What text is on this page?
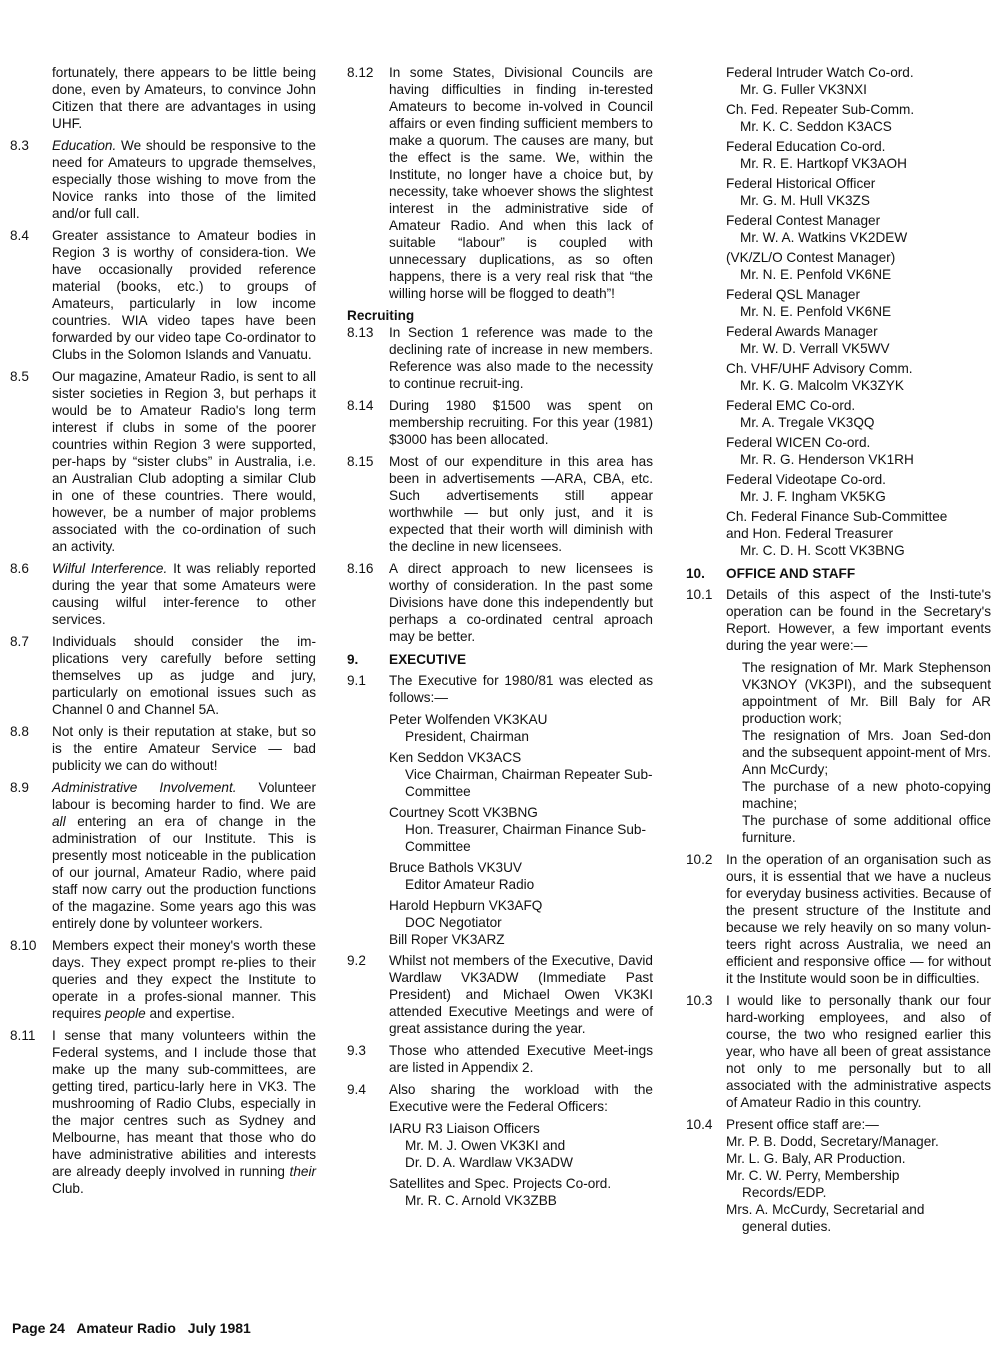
fortunately, there appears to be little being done, even by Amateurs, to convince John Citizen that there are advantages in using UHF.
8.3 Education. We should be responsive to the need for Amateurs to upgrade themselves, especially those wishing to move from the Novice ranks into those of the limited and/or full call.
8.4 Greater assistance to Amateur bodies in Region 3 is worthy of considera-tion. We have occasionally provided reference material (books, etc.) to groups of Amateurs, particularly in low income countries. WIA video tapes have been forwarded by our video tape Co-ordinator to Clubs in the Solomon Islands and Vanuatu.
8.5 Our magazine, Amateur Radio, is sent to all sister societies in Region 3, but perhaps it would be to Amateur Radio's long term interest if clubs in some of the poorer countries within Region 3 were supported, per-haps by “sister clubs” in Australia, i.e. an Australian Club adopting a similar Club in one of these countries. There would, however, be a number of major problems associated with the co-ordination of such an activity.
8.6 Wilful Interference. It was reliably reported during the year that some Amateurs were causing wilful inter-ference to other services.
8.7 Individuals should consider the im-plications very carefully before setting themselves up as judge and jury, particularly on emotional issues such as Channel 0 and Channel 5A.
8.8 Not only is their reputation at stake, but so is the entire Amateur Service — bad publicity we can do without!
8.9 Administrative Involvement. Volunteer labour is becoming harder to find. We are all entering an era of change in the administration of our Institute. This is presently most noticeable in the publication of our journal, Amateur Radio, where paid staff now carry out the production functions of the magazine. Some years ago this was entirely done by volunteer workers.
8.10 Members expect their money's worth these days. They expect prompt re-plies to their queries and they expect the Institute to operate in a profes-sional manner. This requires people and expertise.
8.11 I sense that many volunteers within the Federal systems, and I include those that make up the many sub-committees, are getting tired, particu-larly here in VK3. The mushrooming of Radio Clubs, especially in the major centres such as Sydney and Melbourne, has meant that those who do have administrative abilities and interests are already deeply involved in running their Club.
8.12 In some States, Divisional Councils are having difficulties in finding in-terested Amateurs to become in-volved in Council affairs or even finding sufficient members to make a quorum. The causes are many, but the effect is the same. We, within the Institute, no longer have a choice but, by necessity, take whoever shows the slightest interest in the administrative side of Amateur Radio. And when this lack of suitable “labour” is coupled with unnecessary duplications, as so often happens, there is a very real risk that “the willing horse will be flogged to death”!
Recruiting
8.13 In Section 1 reference was made to the declining rate of increase in new members. Reference was also made to the necessity to continue recruit-ing.
8.14 During 1980 $1500 was spent on membership recruiting. For this year (1981) $3000 has been allocated.
8.15 Most of our expenditure in this area has been in advertisements —ARA, CBA, etc. Such advertisements still appear worthwhile — but only just, and it is expected that their worth will diminish with the decline in new licensees.
8.16 A direct approach to new licensees is worthy of consideration. In the past some Divisions have done this independently but perhaps a co-ordinated central aproach may be better.
9. EXECUTIVE
9.1 The Executive for 1980/81 was elected as follows:—
Peter Wolfenden VK3KAU
President, Chairman
Ken Seddon VK3ACS
Vice Chairman, Chairman Repeater Sub-Committee
Courtney Scott VK3BNG
Hon. Treasurer, Chairman Finance Sub-Committee
Bruce Bathols VK3UV
Editor Amateur Radio
Harold Hepburn VK3AFQ
DOC Negotiator
Bill Roper VK3ARZ
9.2 Whilst not members of the Executive, David Wardlaw VK3ADW (Immediate Past President) and Michael Owen VK3KI attended Executive Meetings and were of great assistance during the year.
9.3 Those who attended Executive Meet-ings are listed in Appendix 2.
9.4 Also sharing the workload with the Executive were the Federal Officers:
IARU R3 Liaison Officers
Mr. M. J. Owen VK3KI and
Dr. D. A. Wardlaw VK3ADW
Satellites and Spec. Projects Co-ord.
Mr. R. C. Arnold VK3ZBB
Federal Intruder Watch Co-ord.
Mr. G. Fuller VK3NXI
Ch. Fed. Repeater Sub-Comm.
Mr. K. C. Seddon K3ACS
Federal Education Co-ord.
Mr. R. E. Hartkopf VK3AOH
Federal Historical Officer
Mr. G. M. Hull VK3ZS
Federal Contest Manager
Mr. W. A. Watkins VK2DEW
(VK/ZL/O Contest Manager)
Mr. N. E. Penfold VK6NE
Federal QSL Manager
Mr. N. E. Penfold VK6NE
Federal Awards Manager
Mr. W. D. Verrall VK5WV
Ch. VHF/UHF Advisory Comm.
Mr. K. G. Malcolm VK3ZYK
Federal EMC Co-ord.
Mr. A. Tregale VK3QQ
Federal WICEN Co-ord.
Mr. R. G. Henderson VK1RH
Federal Videotape Co-ord.
Mr. J. F. Ingham VK5KG
Ch. Federal Finance Sub-Committee
and Hon. Federal Treasurer
Mr. C. D. H. Scott VK3BNG
10. OFFICE AND STAFF
10.1 Details of this aspect of the Insti-tute's operation can be found in the Secretary's Report. However, a few important events during the year were:—
The resignation of Mr. Mark Stephenson VK3NOY (VK3PI), and the subsequent appointment of Mr. Bill Baly for AR production work;
The resignation of Mrs. Joan Sed-don and the subsequent appoint-ment of Mrs. Ann McCurdy;
The purchase of a new photo-copying machine;
The purchase of some additional office furniture.
10.2 In the operation of an organisation such as ours, it is essential that we have a nucleus for everyday business activities. Because of the present structure of the Institute and because we rely heavily on so many volun-teers right across Australia, we need an efficient and responsive office — for without it the Institute would soon be in difficulties.
10.3 I would like to personally thank our four hard-working employees, and also of course, the two who resigned earlier this year, who have all been of great assistance not only to me personally but to all associated with the administrative aspects of Amateur Radio in this country.
10.4 Present office staff are:—
Mr. P. B. Dodd, Secretary/Manager.
Mr. L. G. Baly, AR Production.
Mr. C. W. Perry, Membership
Records/EDP.
Mrs. A. McCurdy, Secretarial and
general duties.
Page 24 Amateur Radio July 1981
